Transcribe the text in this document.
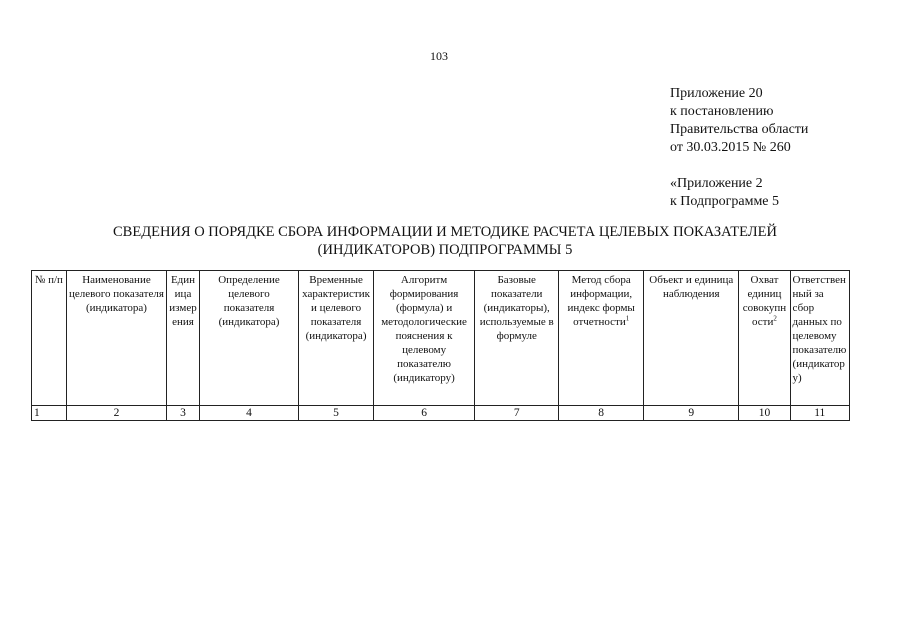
103
Приложение 20
к постановлению
Правительства области
от 30.03.2015 № 260
«Приложение 2
к Подпрограмме 5
СВЕДЕНИЯ О ПОРЯДКЕ СБОРА ИНФОРМАЦИИ И МЕТОДИКЕ РАСЧЕТА ЦЕЛЕВЫХ ПОКАЗАТЕЛЕЙ
(ИНДИКАТОРОВ) ПОДПРОГРАММЫ 5
№ п/п	Наименование целевого показателя (индикатора)	Единица измерения	Определение целевого показателя (индикатора)	Временные характеристики целевого показателя (индикатора)	Алгоритм формирования (формула) и методологические пояснения к целевому показателю (индикатору)	Базовые показатели (индикаторы), используемые в формуле	Метод сбора информации, индекс формы отчетности$^1$	Объект и единица наблюдения	Охват единиц совокупности$^2$	Ответственный за сбор данных по целевому показателю (индикатору)
1	2	3	4	5	6	7	8	9	10	11
